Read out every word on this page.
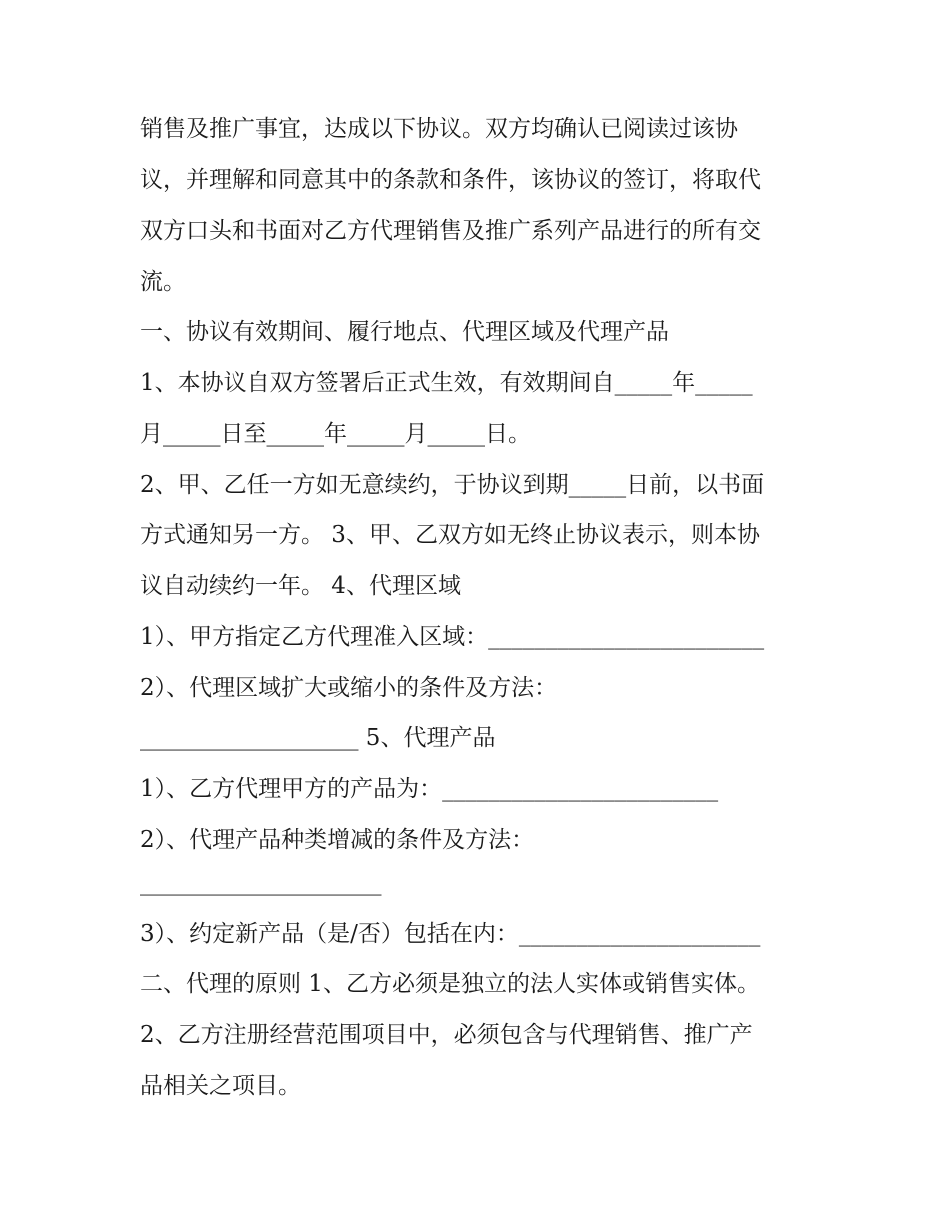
销售及推广事宜，达成以下协议。双方均确认已阅读过该协
议，并理解和同意其中的条款和条件，该协议的签订，将取代
双方口头和书面对乙方代理销售及推广系列产品进行的所有交
流。
一、协议有效期间、履行地点、代理区域及代理产品
1、本协议自双方签署后正式生效，有效期间自_____年_____
月_____日至_____年_____月_____日。
2、甲、乙任一方如无意续约，于协议到期_____日前，以书面
方式通知另一方。 3、甲、乙双方如无终止协议表示，则本协
议自动续约一年。 4、代理区域
1）、甲方指定乙方代理准入区域：________________________
2）、代理区域扩大或缩小的条件及方法：
___________________ 5、代理产品
1）、乙方代理甲方的产品为：________________________
2）、代理产品种类增减的条件及方法：
_____________________
3）、约定新产品（是/否）包括在内：_____________________
二、代理的原则 1、乙方必须是独立的法人实体或销售实体。
2、乙方注册经营范围项目中，必须包含与代理销售、推广产
品相关之项目。
